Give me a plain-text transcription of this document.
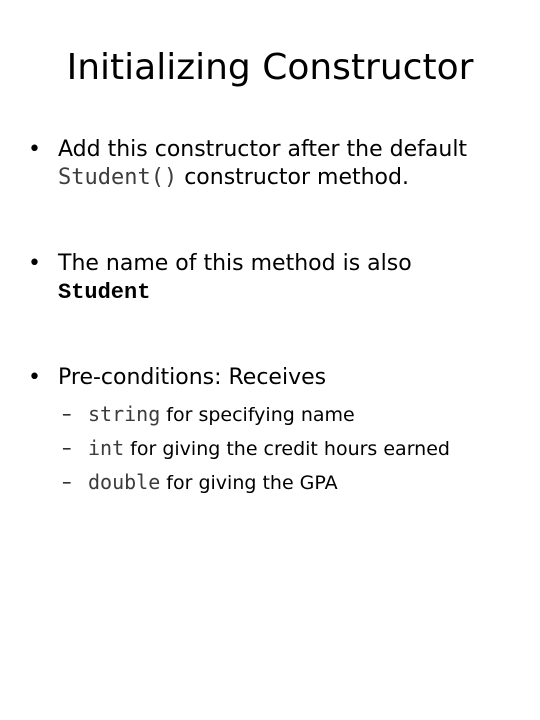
Initializing Constructor
• Add this constructor after the default
Student() constructor method.
• The name of this method is also
Student
• Pre-conditions: Receives
– string for specifying name
– int for giving the credit hours earned
– double for giving the GPA
